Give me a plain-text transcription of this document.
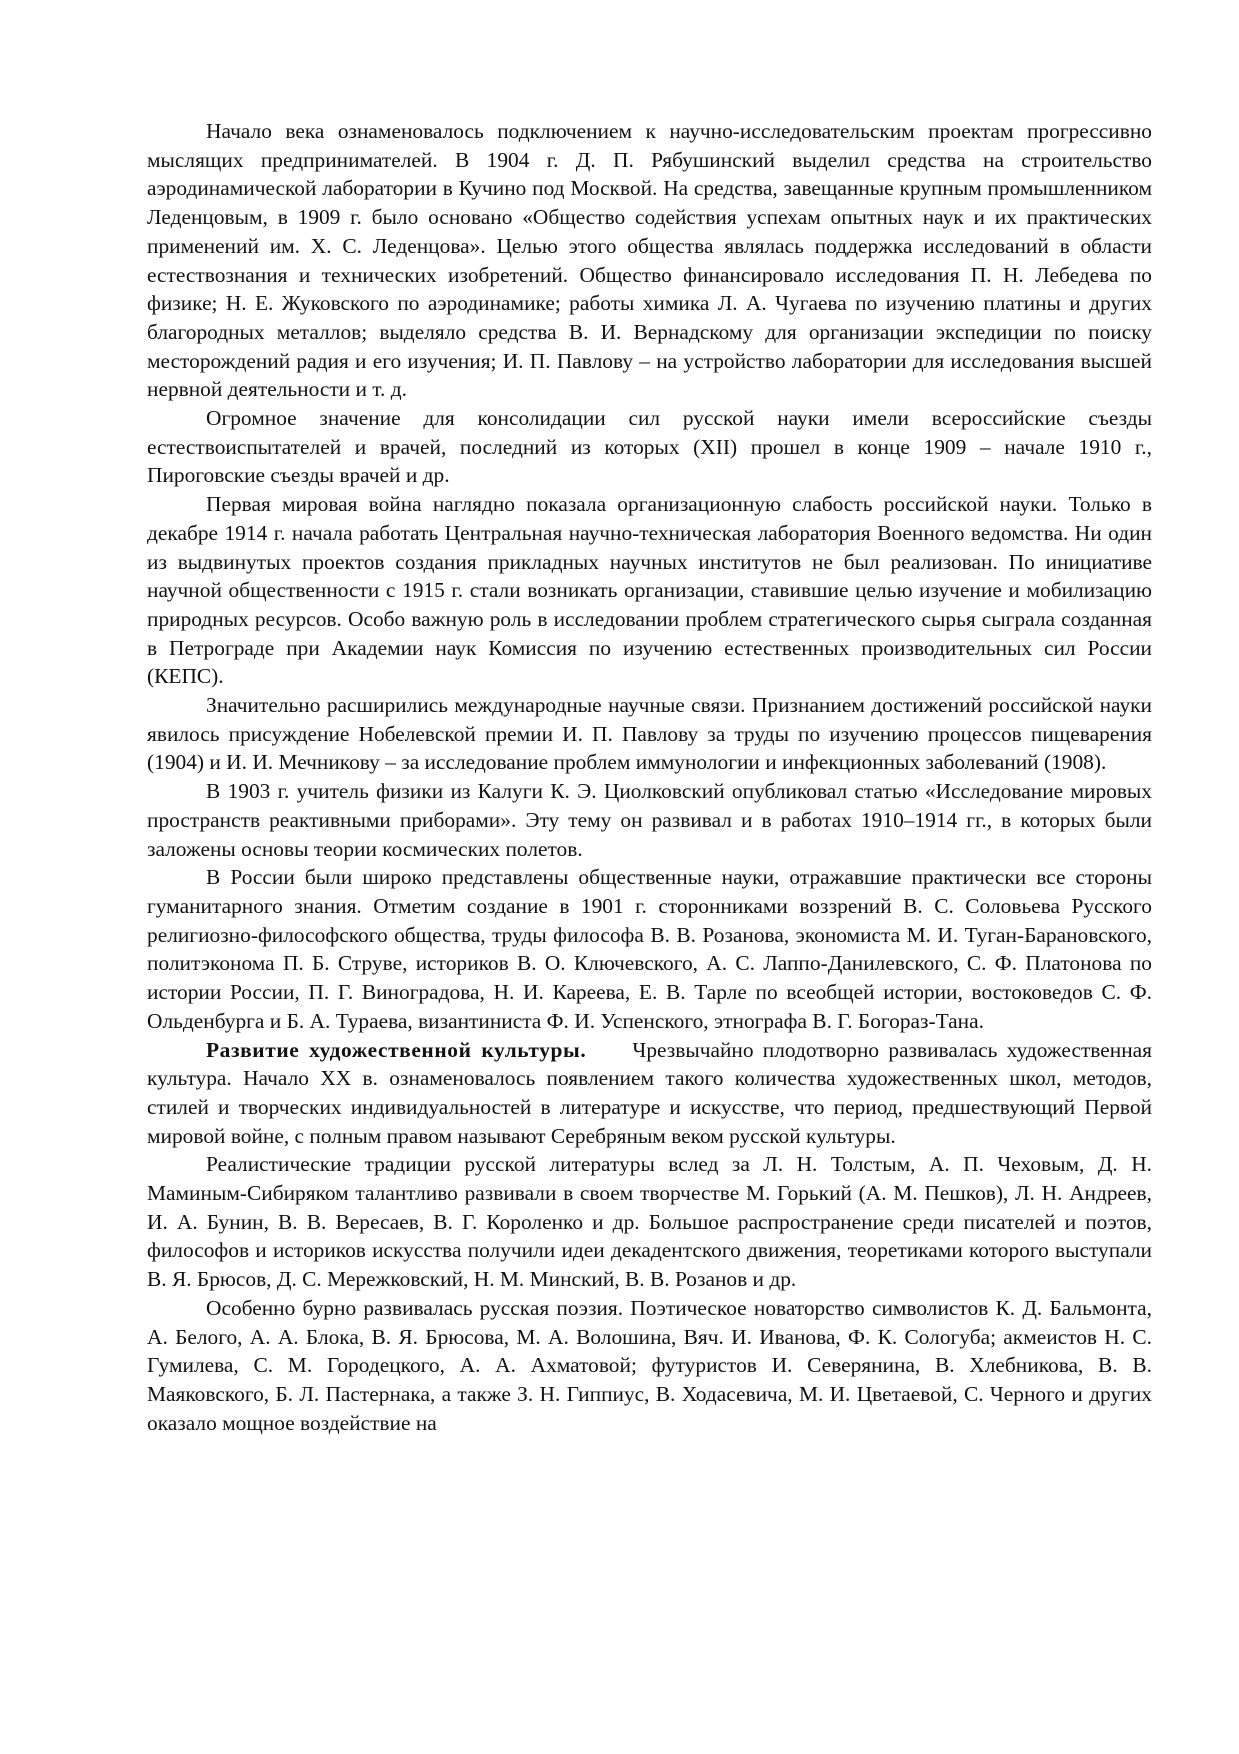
Начало века ознаменовалось подключением к научно-исследовательским проектам прогрессивно мыслящих предпринимателей. В 1904 г. Д. П. Рябушинский выделил средства на строительство аэродинамической лаборатории в Кучино под Москвой. На средства, завещанные крупным промышленником Леденцовым, в 1909 г. было основано «Общество содействия успехам опытных наук и их практических применений им. Х. С. Леденцова». Целью этого общества являлась поддержка исследований в области естествознания и технических изобретений. Общество финансировало исследования П. Н. Лебедева по физике; Н. Е. Жуковского по аэродинамике; работы химика Л. А. Чугаева по изучению платины и других благородных металлов; выделяло средства В. И. Вернадскому для организации экспедиции по поиску месторождений радия и его изучения; И. П. Павлову – на устройство лаборатории для исследования высшей нервной деятельности и т. д.

Огромное значение для консолидации сил русской науки имели всероссийские съезды естествоиспытателей и врачей, последний из которых (XII) прошел в конце 1909 – начале 1910 г., Пироговские съезды врачей и др.

Первая мировая война наглядно показала организационную слабость российской науки. Только в декабре 1914 г. начала работать Центральная научно-техническая лаборатория Военного ведомства. Ни один из выдвинутых проектов создания прикладных научных институтов не был реализован. По инициативе научной общественности с 1915 г. стали возникать организации, ставившие целью изучение и мобилизацию природных ресурсов. Особо важную роль в исследовании проблем стратегического сырья сыграла созданная в Петрограде при Академии наук Комиссия по изучению естественных производительных сил России (КЕПС).

Значительно расширились международные научные связи. Признанием достижений российской науки явилось присуждение Нобелевской премии И. П. Павлову за труды по изучению процессов пищеварения (1904) и И. И. Мечникову – за исследование проблем иммунологии и инфекционных заболеваний (1908).

В 1903 г. учитель физики из Калуги К. Э. Циолковский опубликовал статью «Исследование мировых пространств реактивными приборами». Эту тему он развивал и в работах 1910–1914 гг., в которых были заложены основы теории космических полетов.

В России были широко представлены общественные науки, отражавшие практически все стороны гуманитарного знания. Отметим создание в 1901 г. сторонниками воззрений В. С. Соловьева Русского религиозно-философского общества, труды философа В. В. Розанова, экономиста М. И. Туган-Барановского, политэконома П. Б. Струве, историков В. О. Ключевского, А. С. Лаппо-Данилевского, С. Ф. Платонова по истории России, П. Г. Виноградова, Н. И. Кареева, Е. В. Тарле по всеобщей истории, востоковедов С. Ф. Ольденбурга и Б. А. Тураева, византиниста Ф. И. Успенского, этнографа В. Г. Богораз-Тана.

Развитие художественной культуры. Чрезвычайно плодотворно развивалась художественная культура. Начало XX в. ознаменовалось появлением такого количества художественных школ, методов, стилей и творческих индивидуальностей в литературе и искусстве, что период, предшествующий Первой мировой войне, с полным правом называют Серебряным веком русской культуры.

Реалистические традиции русской литературы вслед за Л. Н. Толстым, А. П. Чеховым, Д. Н. Маминым-Сибиряком талантливо развивали в своем творчестве М. Горький (А. М. Пешков), Л. Н. Андреев, И. А. Бунин, В. В. Вересаев, В. Г. Короленко и др. Большое распространение среди писателей и поэтов, философов и историков искусства получили идеи декадентского движения, теоретиками которого выступали В. Я. Брюсов, Д. С. Мережковский, Н. М. Минский, В. В. Розанов и др.

Особенно бурно развивалась русская поэзия. Поэтическое новаторство символистов К. Д. Бальмонта, А. Белого, А. А. Блока, В. Я. Брюсова, М. А. Волошина, Вяч. И. Иванова, Ф. К. Сологуба; акмеистов Н. С. Гумилева, С. М. Городецкого, А. А. Ахматовой; футуристов И. Северянина, В. Хлебникова, В. В. Маяковского, Б. Л. Пастернака, а также З. Н. Гиппиус, В. Ходасевича, М. И. Цветаевой, С. Черного и других оказало мощное воздействие на
